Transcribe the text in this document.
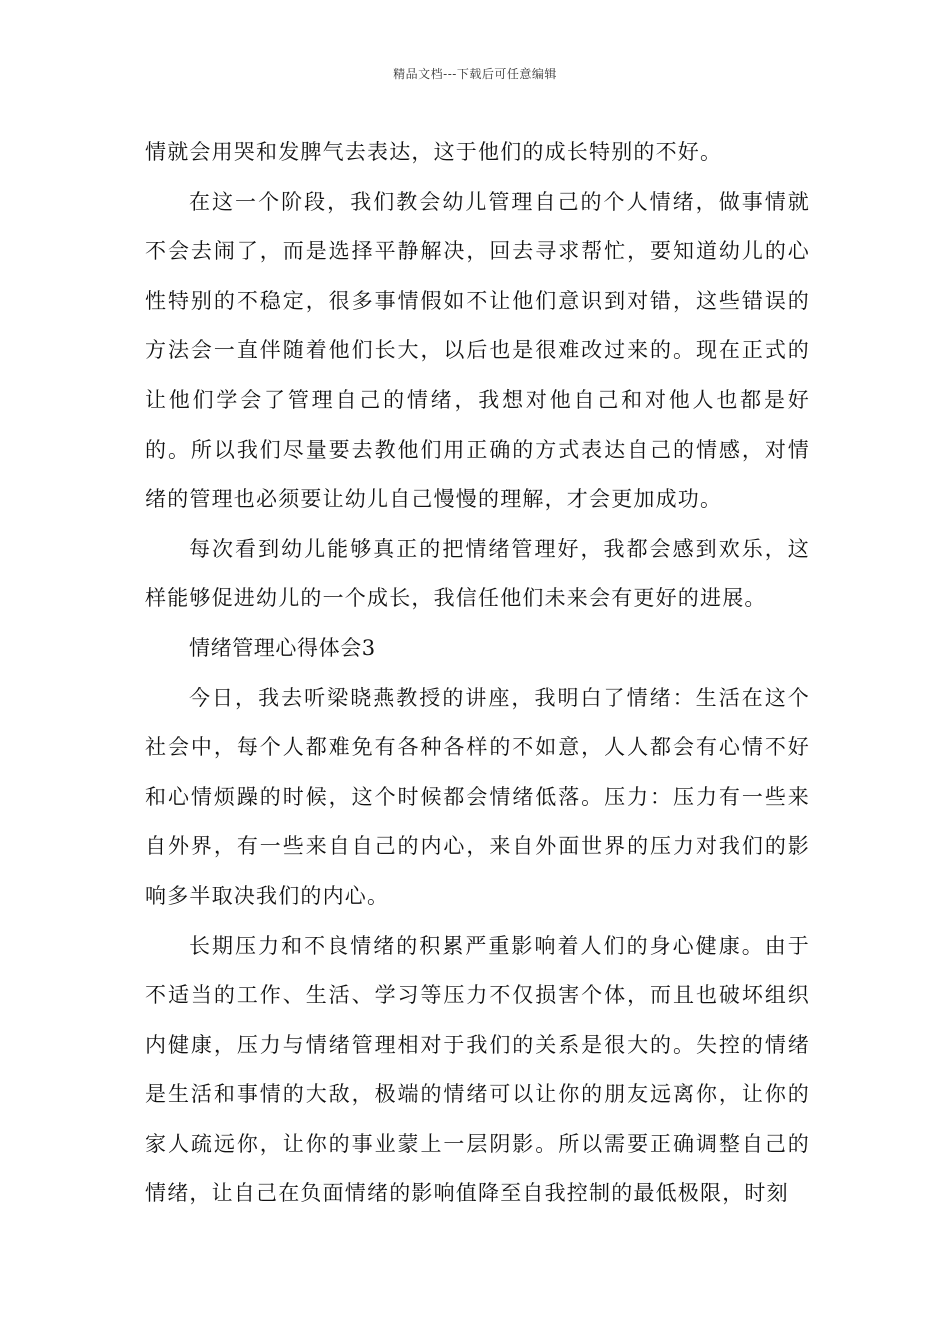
精品文档---下载后可任意编辑

情就会用哭和发脾气去表达，这于他们的成长特别的不好。

在这一个阶段，我们教会幼儿管理自己的个人情绪，做事情就不会去闹了，而是选择平静解决，回去寻求帮忙，要知道幼儿的心性特别的不稳定，很多事情假如不让他们意识到对错，这些错误的方法会一直伴随着他们长大，以后也是很难改过来的。现在正式的让他们学会了管理自己的情绪，我想对他自己和对他人也都是好的。所以我们尽量要去教他们用正确的方式表达自己的情感，对情绪的管理也必须要让幼儿自己慢慢的理解，才会更加成功。

每次看到幼儿能够真正的把情绪管理好，我都会感到欢乐，这样能够促进幼儿的一个成长，我信任他们未来会有更好的进展。

情绪管理心得体会3

今日，我去听梁晓燕教授的讲座，我明白了情绪：生活在这个社会中，每个人都难免有各种各样的不如意，人人都会有心情不好和心情烦躁的时候，这个时候都会情绪低落。压力：压力有一些来自外界，有一些来自自己的内心，来自外面世界的压力对我们的影响多半取决我们的内心。

长期压力和不良情绪的积累严重影响着人们的身心健康。由于不适当的工作、生活、学习等压力不仅损害个体，而且也破坏组织内健康，压力与情绪管理相对于我们的关系是很大的。失控的情绪是生活和事情的大敌，极端的情绪可以让你的朋友远离你，让你的家人疏远你，让你的事业蒙上一层阴影。所以需要正确调整自己的情绪，让自己在负面情绪的影响值降至自我控制的最低极限，时刻
